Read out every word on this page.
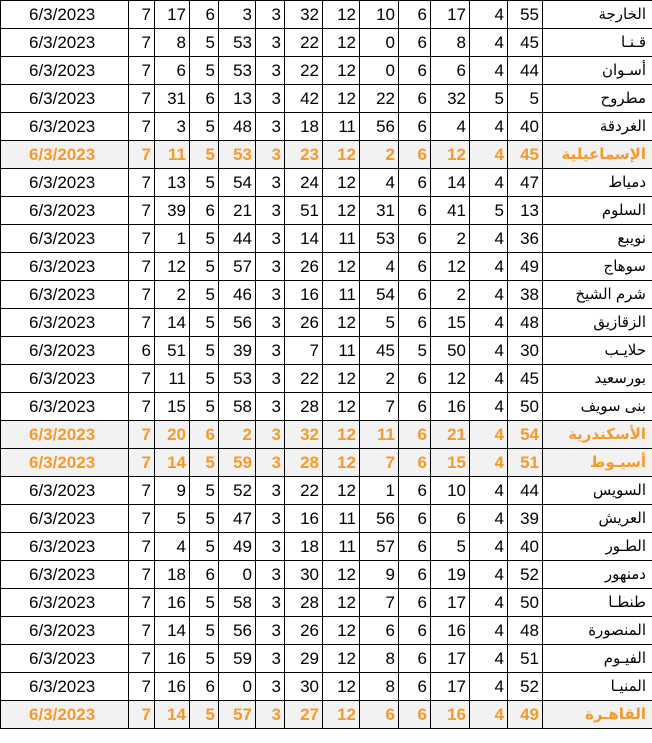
6/3/2023	7	17	6	3	3	32	12	10	6	17	4	55	الخارجة
6/3/2023	7	8	5	53	3	22	12	0	6	8	4	45	قـنـا
6/3/2023	7	6	5	53	3	22	12	0	6	6	4	44	أسـوان
6/3/2023	7	31	6	13	3	42	12	22	6	32	5	5	مطروح
6/3/2023	7	3	5	48	3	18	11	56	6	4	4	40	الغردقة
6/3/2023	7	11	5	53	3	23	12	2	6	12	4	45	الإسماعيلية
6/3/2023	7	13	5	54	3	24	12	4	6	14	4	47	دمياط
6/3/2023	7	39	6	21	3	51	12	31	6	41	5	13	السلوم
6/3/2023	7	1	5	44	3	14	11	53	6	2	4	36	نويبع
6/3/2023	7	12	5	57	3	26	12	4	6	12	4	49	سوهاج
6/3/2023	7	2	5	46	3	16	11	54	6	2	4	38	شرم الشيخ
6/3/2023	7	14	5	56	3	26	12	5	6	15	4	48	الزقازيق
6/3/2023	6	51	5	39	3	7	11	45	5	50	4	30	حلايـب
6/3/2023	7	11	5	53	3	22	12	2	6	12	4	45	بورسعيد
6/3/2023	7	15	5	58	3	28	12	7	6	16	4	50	بنى سويف
6/3/2023	7	20	6	2	3	32	12	11	6	21	4	54	الأسكندرية
6/3/2023	7	14	5	59	3	28	12	7	6	15	4	51	أسيـوط
6/3/2023	7	9	5	52	3	22	12	1	6	10	4	44	السويس
6/3/2023	7	5	5	47	3	16	11	56	6	6	4	39	العريش
6/3/2023	7	4	5	49	3	18	11	57	6	5	4	40	الطـور
6/3/2023	7	18	6	0	3	30	12	9	6	19	4	52	دمنهور
6/3/2023	7	16	5	58	3	28	12	7	6	17	4	50	طنطـا
6/3/2023	7	14	5	56	3	26	12	6	6	16	4	48	المنصورة
6/3/2023	7	16	5	59	3	29	12	8	6	17	4	51	الفيـوم
6/3/2023	7	16	6	0	3	30	12	8	6	17	4	52	المنيـا
6/3/2023	7	14	5	57	3	27	12	6	6	16	4	49	القاهـرة
